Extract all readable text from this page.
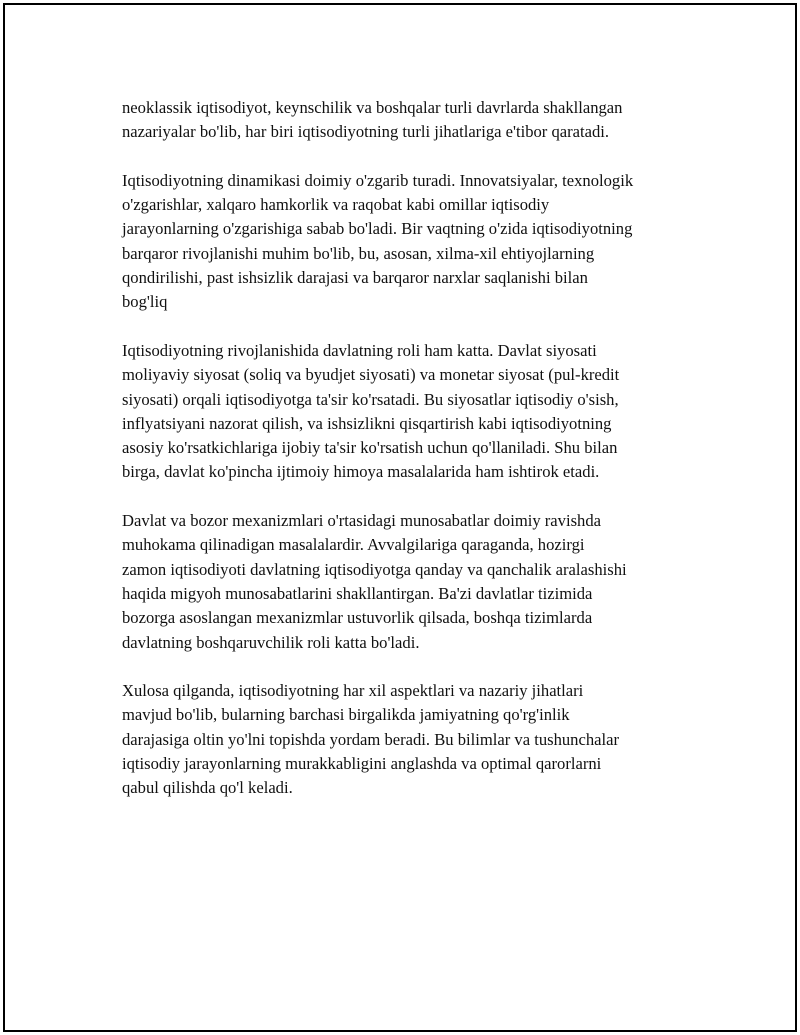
neoklassik iqtisodiyot, keynschilik va boshqalar turli davrlarda shakllangan
nazariyalar bo'lib, har biri iqtisodiyotning turli jihatlariga e'tibor qaratadi.

Iqtisodiyotning dinamikasi doimiy o'zgarib turadi. Innovatsiyalar, texnologik
o'zgarishlar, xalqaro hamkorlik va raqobat kabi omillar iqtisodiy
jarayonlarning o'zgarishiga sabab bo'ladi. Bir vaqtning o'zida iqtisodiyotning
barqaror rivojlanishi muhim bo'lib, bu, asosan, xilma-xil ehtiyojlarning
qondirilishi, past ishsizlik darajasi va barqaror narxlar saqlanishi bilan
bog'liq

Iqtisodiyotning rivojlanishida davlatning roli ham katta. Davlat siyosati
moliyaviy siyosat (soliq va byudjet siyosati) va monetar siyosat (pul-kredit
siyosati) orqali iqtisodiyotga ta'sir ko'rsatadi. Bu siyosatlar iqtisodiy o'sish,
inflyatsiyani nazorat qilish, va ishsizlikni qisqartirish kabi iqtisodiyotning
asosiy ko'rsatkichlariga ijobiy ta'sir ko'rsatish uchun qo'llaniladi. Shu bilan
birga, davlat ko'pincha ijtimoiy himoya masalalarida ham ishtirok etadi.

Davlat va bozor mexanizmlari o'rtasidagi munosabatlar doimiy ravishda
muhokama qilinadigan masalalardir. Avvalgilariga qaraganda, hozirgi
zamon iqtisodiyoti davlatning iqtisodiyotga qanday va qanchalik aralashishi
haqida migyoh munosabatlarini shakllantirgan. Ba'zi davlatlar tizimida
bozorga asoslangan mexanizmlar ustuvorlik qilsada, boshqa tizimlarda
davlatning boshqaruvchilik roli katta bo'ladi.

Xulosa qilganda, iqtisodiyotning har xil aspektlari va nazariy jihatlari
mavjud bo'lib, bularning barchasi birgalikda jamiyatning qo'rg'inlik
darajasiga oltin yo'lni topishda yordam beradi. Bu bilimlar va tushunchalar
iqtisodiy jarayonlarning murakkabligini anglashda va optimal qarorlarni
qabul qilishda qo'l keladi.
